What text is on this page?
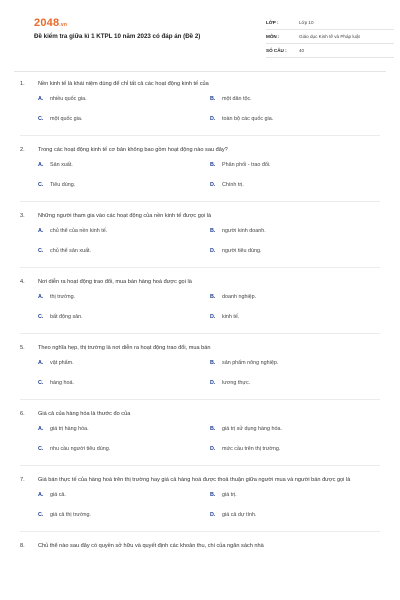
2048.vn
Đề kiểm tra giữa kì 1 KTPL 10 năm 2023 có đáp án (Đề 2)
LỚP :	Lớp 10
MÔN :	Giáo dục Kinh tế và Pháp luật
SỐ CÂU :	40
1.	Nền kinh tế là khái niệm dùng để chỉ tất cả các hoạt động kinh tế của
A.	nhiều quốc gia.	B.	một dân tộc.
C.	một quốc gia.	D.	toàn bộ các quốc gia.
2.	Trong các hoạt động kinh tế cơ bản không bao gồm hoạt động nào sau đây?
A.	Sản xuất.	B.	Phân phối - trao đổi.
C.	Tiêu dùng.	D.	Chính trị.
3.	Những người tham gia vào các hoạt động của nền kinh tế được gọi là
A.	chủ thể của nền kinh tế.	B.	người kinh doanh.
C.	chủ thể sản xuất.	D.	người tiêu dùng.
4.	Nơi diễn ra hoạt động trao đổi, mua bán hàng hoá được gọi là
A.	thị trường.	B.	doanh nghiệp.
C.	bất động sản.	D.	kinh tế.
5.	Theo nghĩa hẹp, thị trường là nơi diễn ra hoạt động trao đổi, mua bán
A.	vật phẩm.	B.	sản phẩm nông nghiệp.
C.	hàng hoá.	D.	lương thực.
6.	Giá cả của hàng hóa là thước đo của
A.	giá trị hàng hóa.	B.	giá trị sử dụng hàng hóa.
C.	nhu cầu người tiêu dùng.	D.	mức cầu trên thị trường.
7.	Giá bán thực tế của hàng hoá trên thị trường hay giá cả hàng hoá được thoả thuận giữa người mua và người bán được gọi là
A.	giá cả.	B.	giá trị.
C.	giá cả thị trường.	D.	giá cả dự tính.
8.	Chủ thể nào sau đây có quyền sở hữu và quyết định các khoản thu, chi của ngân sách nhà
